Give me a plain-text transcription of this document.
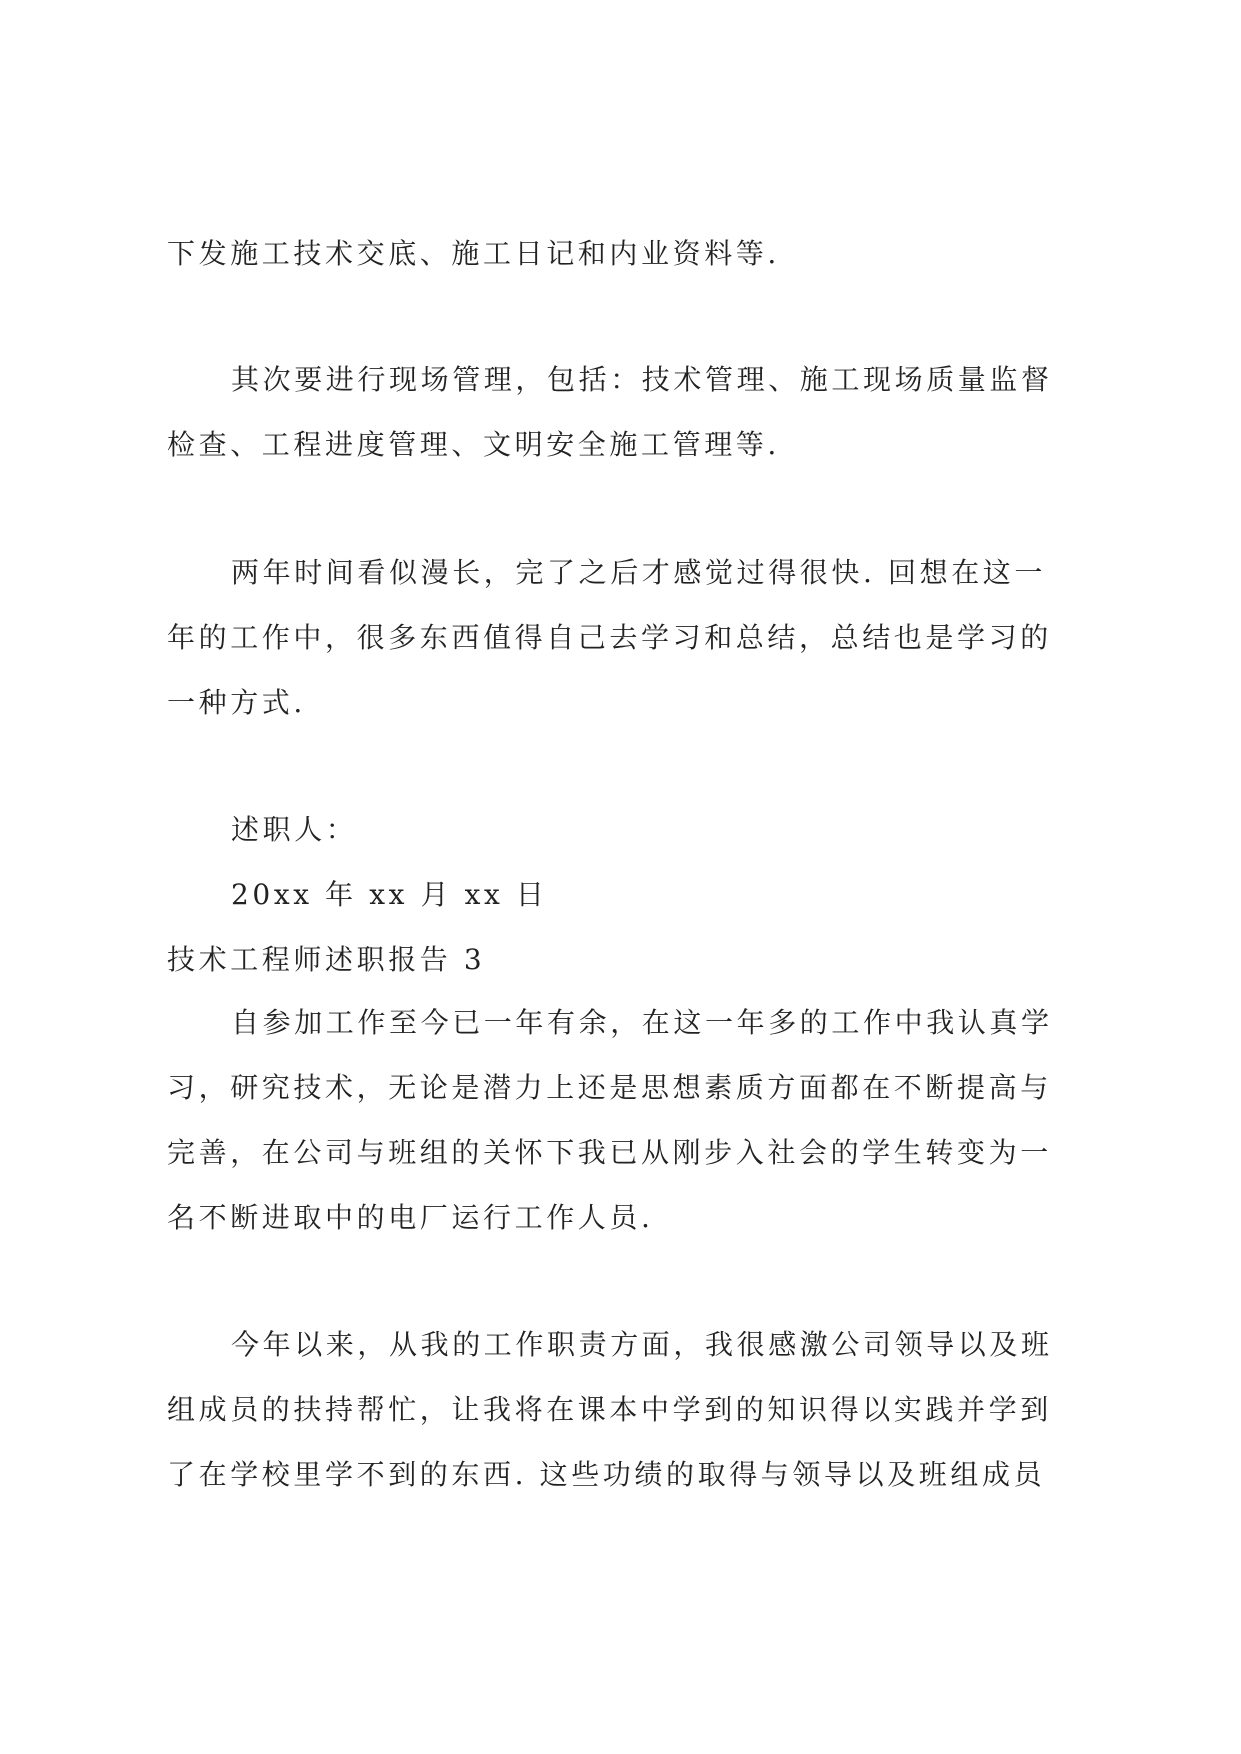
下发施工技术交底、施工日记和内业资料等.
其次要进行现场管理，包括：技术管理、施工现场质量监督
检查、工程进度管理、文明安全施工管理等.
两年时间看似漫长，完了之后才感觉过得很快. 回想在这一
年的工作中，很多东西值得自己去学习和总结，总结也是学习的
一种方式.
述职人：
20xx 年 xx 月 xx 日
技术工程师述职报告 3
自参加工作至今已一年有余，在这一年多的工作中我认真学
习，研究技术，无论是潜力上还是思想素质方面都在不断提高与
完善，在公司与班组的关怀下我已从刚步入社会的学生转变为一
名不断进取中的电厂运行工作人员.
今年以来，从我的工作职责方面，我很感激公司领导以及班
组成员的扶持帮忙，让我将在课本中学到的知识得以实践并学到
了在学校里学不到的东西. 这些功绩的取得与领导以及班组成员
